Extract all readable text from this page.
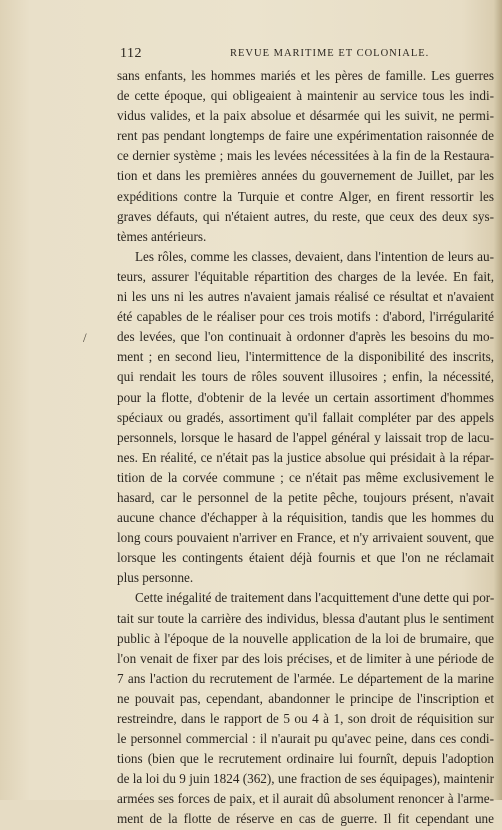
112	REVUE MARITIME ET COLONIALE.
/
sans enfants, les hommes mariés et les pères de famille. Les guerres
de cette époque, qui obligeaient à maintenir au service tous les indi-
vidus valides, et la paix absolue et désarmée qui les suivit, ne permi-
rent pas pendant longtemps de faire une expérimentation raisonnée de
ce dernier système ; mais les levées nécessitées à la fin de la Restaura-
tion et dans les premières années du gouvernement de Juillet, par les
expéditions contre la Turquie et contre Alger, en firent ressortir les
graves défauts, qui n'étaient autres, du reste, que ceux des deux sys-
tèmes antérieurs.
Les rôles, comme les classes, devaient, dans l'intention de leurs au-
teurs, assurer l'équitable répartition des charges de la levée. En fait,
ni les uns ni les autres n'avaient jamais réalisé ce résultat et n'avaient
été capables de le réaliser pour ces trois motifs : d'abord, l'irrégularité
des levées, que l'on continuait à ordonner d'après les besoins du mo-
ment ; en second lieu, l'intermittence de la disponibilité des inscrits,
qui rendait les tours de rôles souvent illusoires ; enfin, la nécessité,
pour la flotte, d'obtenir de la levée un certain assortiment d'hommes
spéciaux ou gradés, assortiment qu'il fallait compléter par des appels
personnels, lorsque le hasard de l'appel général y laissait trop de lacu-
nes. En réalité, ce n'était pas la justice absolue qui présidait à la répar-
tition de la corvée commune ; ce n'était pas même exclusivement le
hasard, car le personnel de la petite pêche, toujours présent, n'avait
aucune chance d'échapper à la réquisition, tandis que les hommes du
long cours pouvaient n'arriver en France, et n'y arrivaient souvent, que
lorsque les contingents étaient déjà fournis et que l'on ne réclamait
plus personne.
Cette inégalité de traitement dans l'acquittement d'une dette qui por-
tait sur toute la carrière des individus, blessa d'autant plus le sentiment
public à l'époque de la nouvelle application de la loi de brumaire, que
l'on venait de fixer par des lois précises, et de limiter à une période de
7 ans l'action du recrutement de l'armée. Le département de la marine
ne pouvait pas, cependant, abandonner le principe de l'inscription et
restreindre, dans le rapport de 5 ou 4 à 1, son droit de réquisition sur
le personnel commercial : il n'aurait pu qu'avec peine, dans ces condi-
tions (bien que le recrutement ordinaire lui fournît, depuis l'adoption
de la loi du 9 juin 1824 (362), une fraction de ses équipages), maintenir
armées ses forces de paix, et il aurait dû absolument renoncer à l'arme-
ment de la flotte de réserve en cas de guerre. Il fit cependant une
